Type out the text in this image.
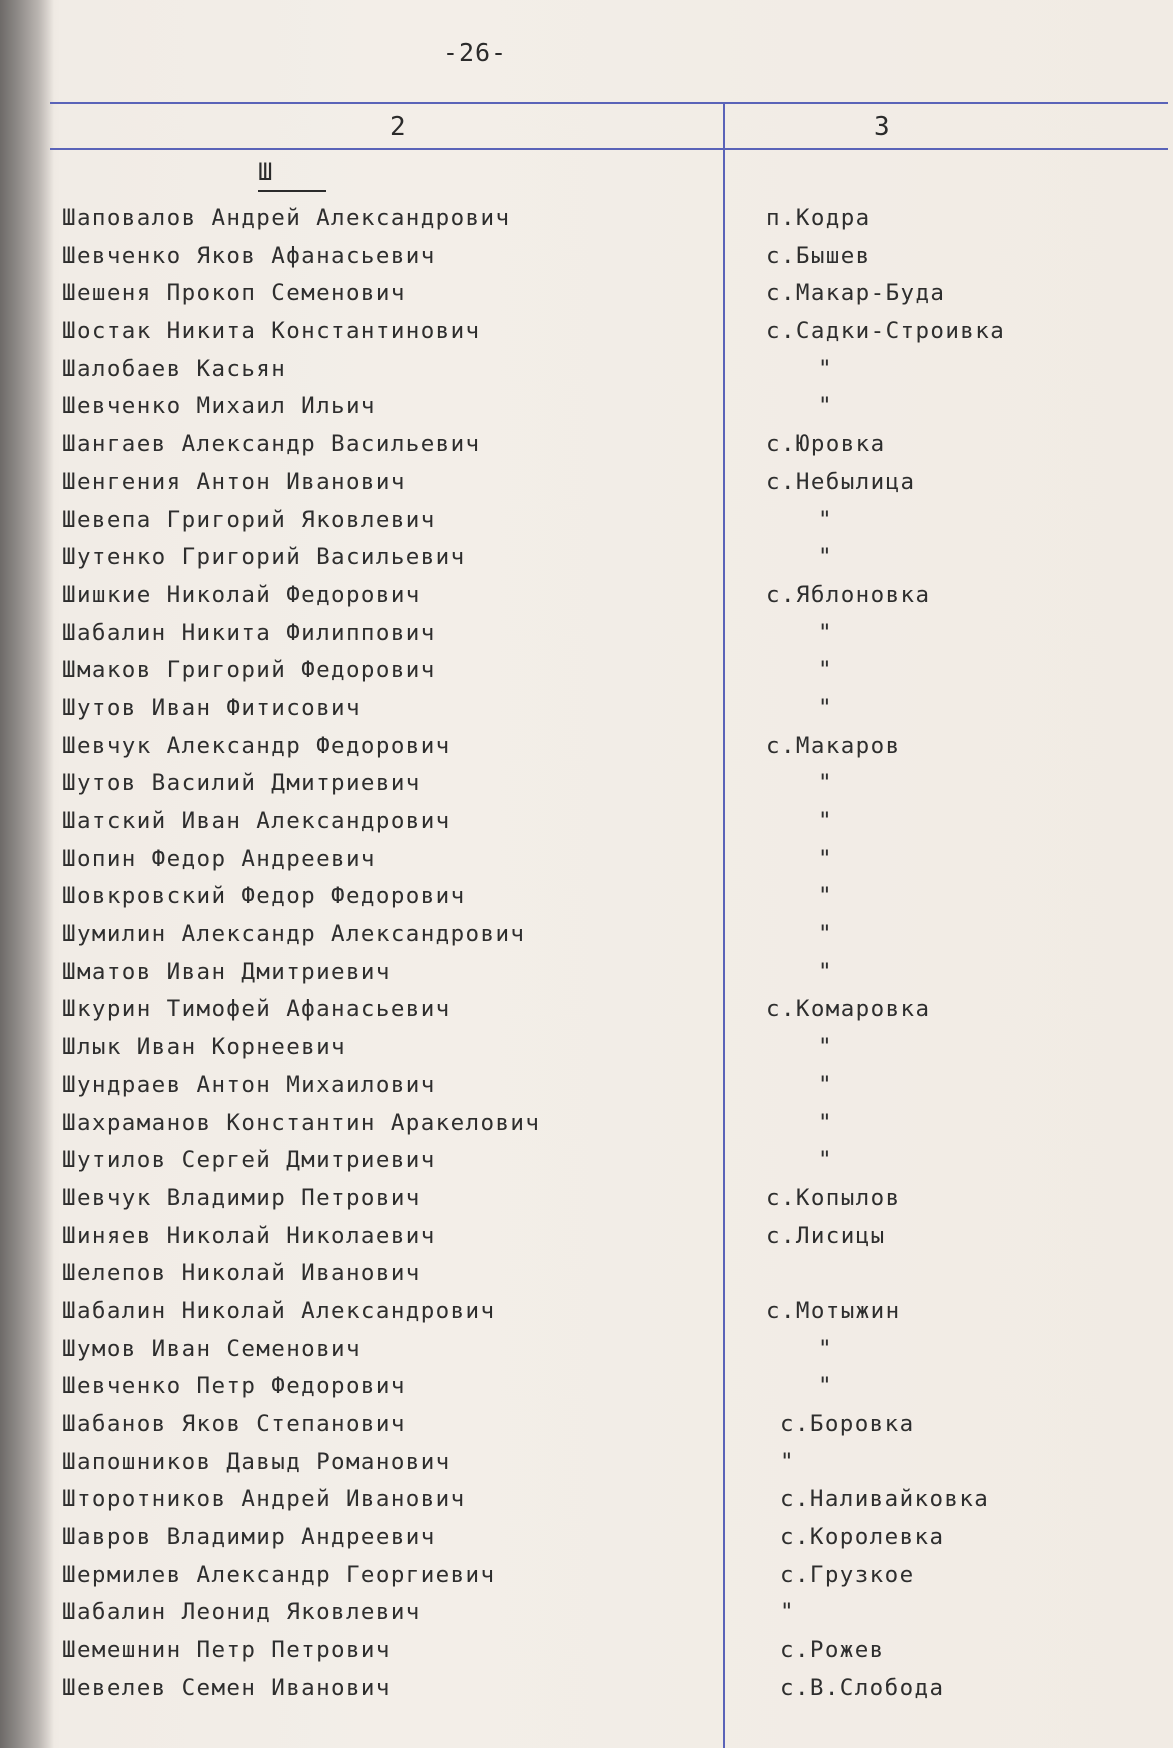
-26-
2	3
Ш
Шаповалов Андрей Александрович	п.Кодра
Шевченко Яков Афанасьевич	с.Бышев
Шешеня Прокоп Семенович	с.Макар-Буда
Шостак Никита Константинович	с.Садки-Строивка
Шалобаев Касьян	"
Шевченко Михаил Ильич	"
Шангаев Александр Васильевич	с.Юровка
Шенгения Антон Иванович	с.Небылица
Шевепа Григорий Яковлевич	"
Шутенко Григорий Васильевич	"
Шишкие Николай Федорович	с.Яблоновка
Шабалин Никита Филиппович	"
Шмаков Григорий Федорович	"
Шутов Иван Фитисович	"
Шевчук Александр Федорович	с.Макаров
Шутов Василий Дмитриевич	"
Шатский Иван Александрович	"
Шопин Федор Андреевич	"
Шовкровский Федор Федорович	"
Шумилин Александр Александрович	"
Шматов Иван Дмитриевич	"
Шкурин Тимофей Афанасьевич	с.Комаровка
Шлык Иван Корнеевич	"
Шундраев Антон Михаилович	"
Шахраманов Константин Аракелович	"
Шутилов Сергей Дмитриевич	"
Шевчук Владимир Петрович	с.Копылов
Шиняев Николай Николаевич	с.Лисицы
Шелепов Николай Иванович
Шабалин Николай Александрович	с.Мотыжин
Шумов Иван Семенович	"
Шевченко Петр Федорович	"
Шабанов Яков Степанович	с.Боровка
Шапошников Давыд Романович	"
Шторотников Андрей Иванович	с.Наливайковка
Шавров Владимир Андреевич	с.Королевка
Шермилев Александр Георгиевич	с.Грузкое
Шабалин Леонид Яковлевич	"
Шемешнин Петр Петрович	с.Рожев
Шевелев Семен Иванович	с.В.Слобода
